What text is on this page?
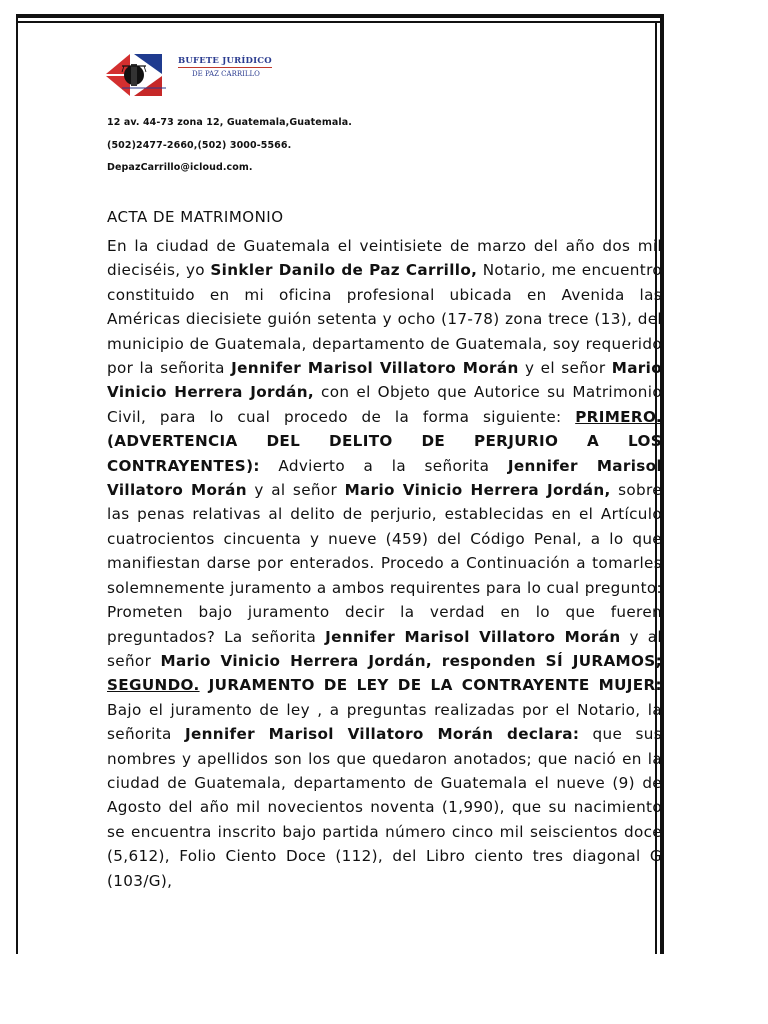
BUFETE JURÍDICO
DE PAZ CARRILLO
12 av. 44-73 zona 12, Guatemala,Guatemala.
(502)2477-2660,(502) 3000-5566.
DepazCarrillo@icloud.com.
ACTA DE MATRIMONIO
En la ciudad de Guatemala el veintisiete de marzo del año dos mil dieciséis, yo Sinkler Danilo de Paz Carrillo, Notario, me encuentro constituido en mi oficina profesional ubicada en Avenida las Américas diecisiete guión setenta y ocho (17-78) zona trece (13), del municipio de Guatemala, departamento de Guatemala, soy requerido por la señorita Jennifer Marisol Villatoro Morán y el señor Mario Vinicio Herrera Jordán, con el Objeto que Autorice su Matrimonio Civil, para lo cual procedo de la forma siguiente: PRIMERO. (ADVERTENCIA DEL DELITO DE PERJURIO A LOS CONTRAYENTES): Advierto a la señorita Jennifer Marisol Villatoro Morán y al señor Mario Vinicio Herrera Jordán, sobre las penas relativas al delito de perjurio, establecidas en el Artículo cuatrocientos cincuenta y nueve (459) del Código Penal, a lo que manifiestan darse por enterados. Procedo a Continuación a tomarles solemnemente juramento a ambos requirentes para lo cual pregunto: Prometen bajo juramento decir la verdad en lo que fueren preguntados? La señorita Jennifer Marisol Villatoro Morán y al señor Mario Vinicio Herrera Jordán, responden SÍ JURAMOS; SEGUNDO. JURAMENTO DE LEY DE LA CONTRAYENTE MUJER: Bajo el juramento de ley , a preguntas realizadas por el Notario, la señorita Jennifer Marisol Villatoro Morán declara: que sus nombres y apellidos son los que quedaron anotados; que nació en la ciudad de Guatemala, departamento de Guatemala el nueve (9) de Agosto del año mil novecientos noventa (1,990), que su nacimiento se encuentra inscrito bajo partida número cinco mil seiscientos doce (5,612), Folio Ciento Doce (112), del Libro ciento tres diagonal G (103/G),
